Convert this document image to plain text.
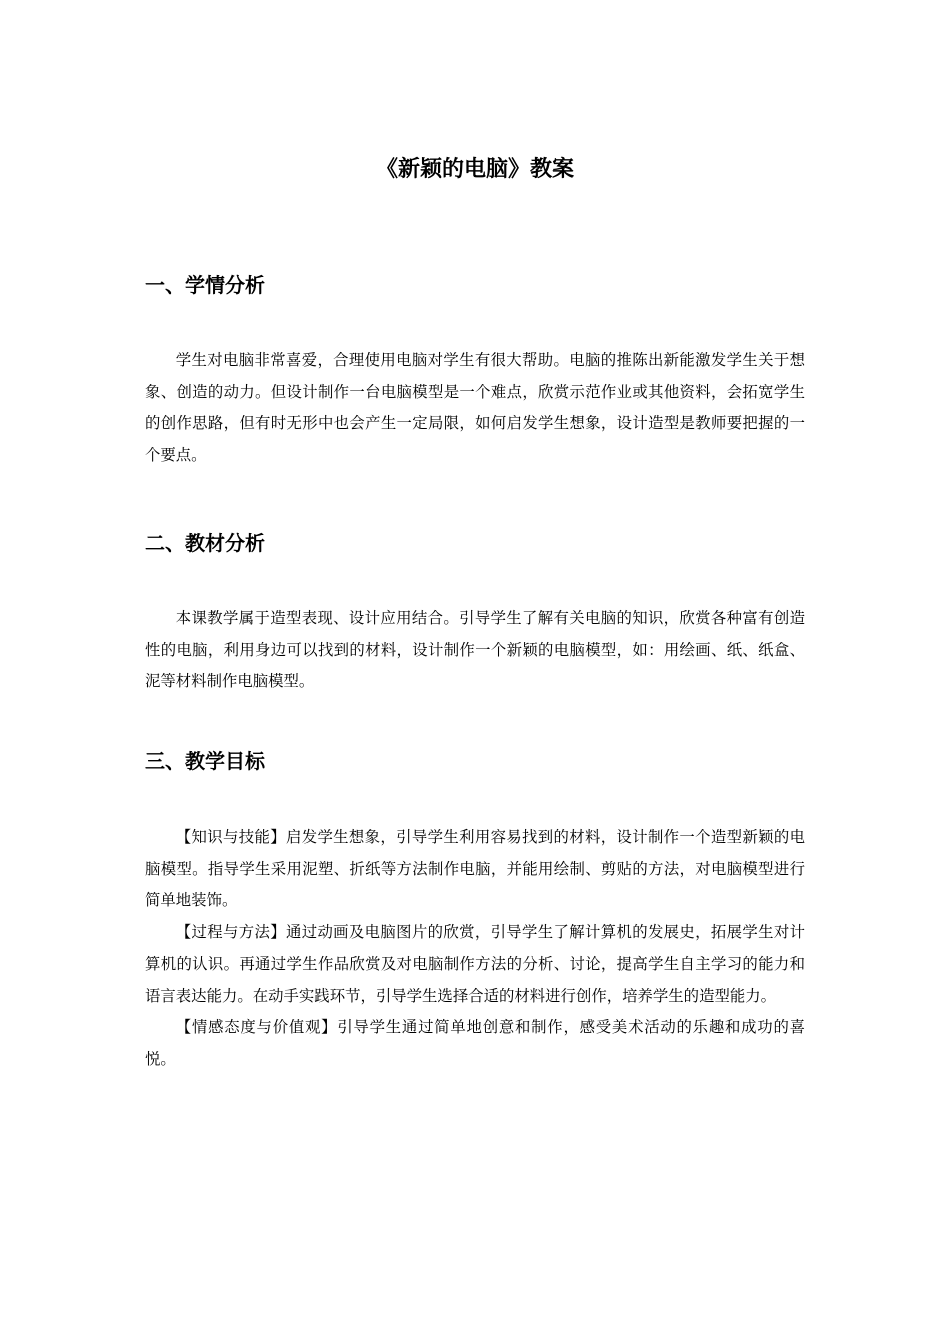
《新颖的电脑》教案
一、学情分析

学生对电脑非常喜爱，合理使用电脑对学生有很大帮助。电脑的推陈出新能激发学生关于想象、创造的动力。但设计制作一台电脑模型是一个难点，欣赏示范作业或其他资料，会拓宽学生的创作思路，但有时无形中也会产生一定局限，如何启发学生想象，设计造型是教师要把握的一个要点。

二、教材分析

本课教学属于造型表现、设计应用结合。引导学生了解有关电脑的知识，欣赏各种富有创造性的电脑，利用身边可以找到的材料，设计制作一个新颖的电脑模型，如：用绘画、纸、纸盒、泥等材料制作电脑模型。

三、教学目标

【知识与技能】启发学生想象，引导学生利用容易找到的材料，设计制作一个造型新颖的电脑模型。指导学生采用泥塑、折纸等方法制作电脑，并能用绘制、剪贴的方法，对电脑模型进行简单地装饰。

【过程与方法】通过动画及电脑图片的欣赏，引导学生了解计算机的发展史，拓展学生对计算机的认识。再通过学生作品欣赏及对电脑制作方法的分析、讨论，提高学生自主学习的能力和语言表达能力。在动手实践环节，引导学生选择合适的材料进行创作，培养学生的造型能力。

【情感态度与价值观】引导学生通过简单地创意和制作，感受美术活动的乐趣和成功的喜悦。
